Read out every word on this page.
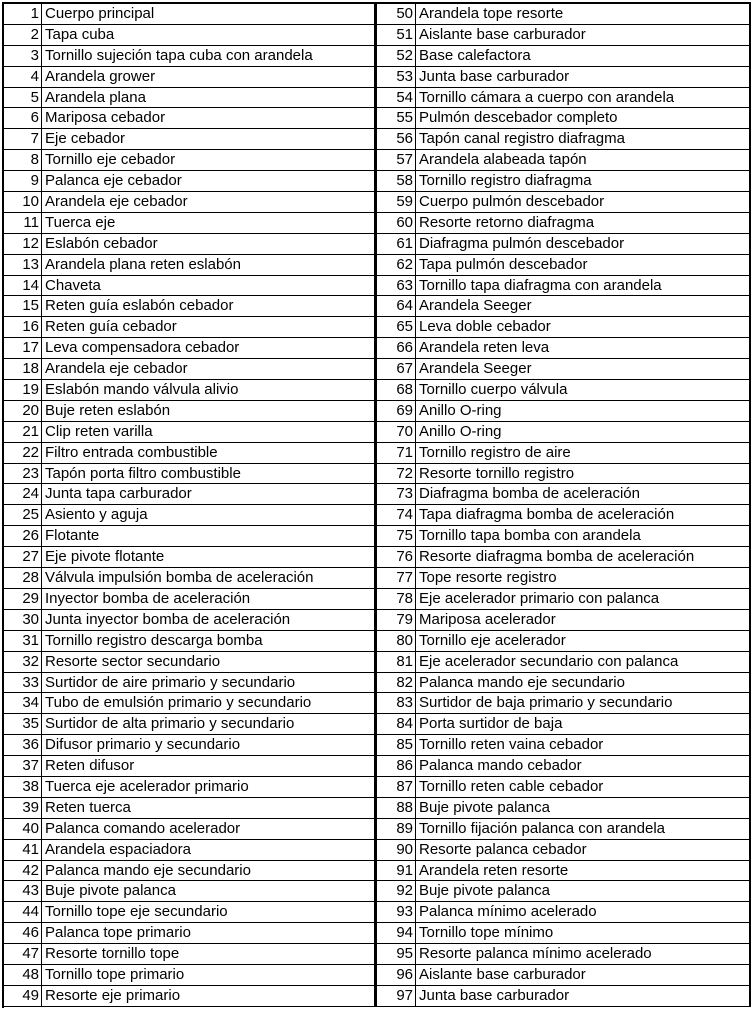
1 Cuerpo principal
2 Tapa cuba
3 Tornillo sujeción tapa cuba con arandela
4 Arandela grower
5 Arandela plana
6 Mariposa cebador
7 Eje cebador
8 Tornillo eje cebador
9 Palanca eje cebador
10 Arandela eje cebador
11 Tuerca eje
12 Eslabón cebador
13 Arandela plana reten eslabón
14 Chaveta
15 Reten guía eslabón cebador
16 Reten guía cebador
17 Leva compensadora cebador
18 Arandela eje cebador
19 Eslabón mando válvula alivio
20 Buje reten eslabón
21 Clip reten varilla
22 Filtro entrada combustible
23 Tapón porta filtro combustible
24 Junta tapa carburador
25 Asiento y aguja
26 Flotante
27 Eje pivote flotante
28 Válvula impulsión bomba de aceleración
29 Inyector bomba de aceleración
30 Junta inyector bomba de aceleración
31 Tornillo registro descarga bomba
32 Resorte sector secundario
33 Surtidor de aire primario y secundario
34 Tubo de emulsión primario y secundario
35 Surtidor de alta primario y secundario
36 Difusor primario y secundario
37 Reten difusor
38 Tuerca eje acelerador primario
39 Reten tuerca
40 Palanca comando acelerador
41 Arandela espaciadora
42 Palanca mando eje secundario
43 Buje pivote palanca
44 Tornillo tope eje secundario
46 Palanca tope primario
47 Resorte tornillo tope
48 Tornillo tope primario
49 Resorte eje primario
50 Arandela tope resorte
51 Aislante base carburador
52 Base calefactora
53 Junta base carburador
54 Tornillo cámara a cuerpo con arandela
55 Pulmón descebador completo
56 Tapón canal registro diafragma
57 Arandela alabeada tapón
58 Tornillo registro diafragma
59 Cuerpo pulmón descebador
60 Resorte retorno diafragma
61 Diafragma pulmón descebador
62 Tapa pulmón descebador
63 Tornillo tapa diafragma con arandela
64 Arandela Seeger
65 Leva doble cebador
66 Arandela reten leva
67 Arandela Seeger
68 Tornillo cuerpo válvula
69 Anillo O-ring
70 Anillo O-ring
71 Tornillo registro de aire
72 Resorte tornillo registro
73 Diafragma bomba de aceleración
74 Tapa diafragma bomba de aceleración
75 Tornillo tapa bomba con arandela
76 Resorte diafragma bomba de aceleración
77 Tope resorte registro
78 Eje acelerador primario con palanca
79 Mariposa acelerador
80 Tornillo eje acelerador
81 Eje acelerador secundario con palanca
82 Palanca mando eje secundario
83 Surtidor de baja primario y secundario
84 Porta surtidor de baja
85 Tornillo reten vaina cebador
86 Palanca mando cebador
87 Tornillo reten cable cebador
88 Buje pivote palanca
89 Tornillo fijación palanca con arandela
90 Resorte palanca cebador
91 Arandela reten resorte
92 Buje pivote palanca
93 Palanca mínimo acelerado
94 Tornillo tope mínimo
95 Resorte palanca mínimo acelerado
96 Aislante base carburador
97 Junta base carburador
